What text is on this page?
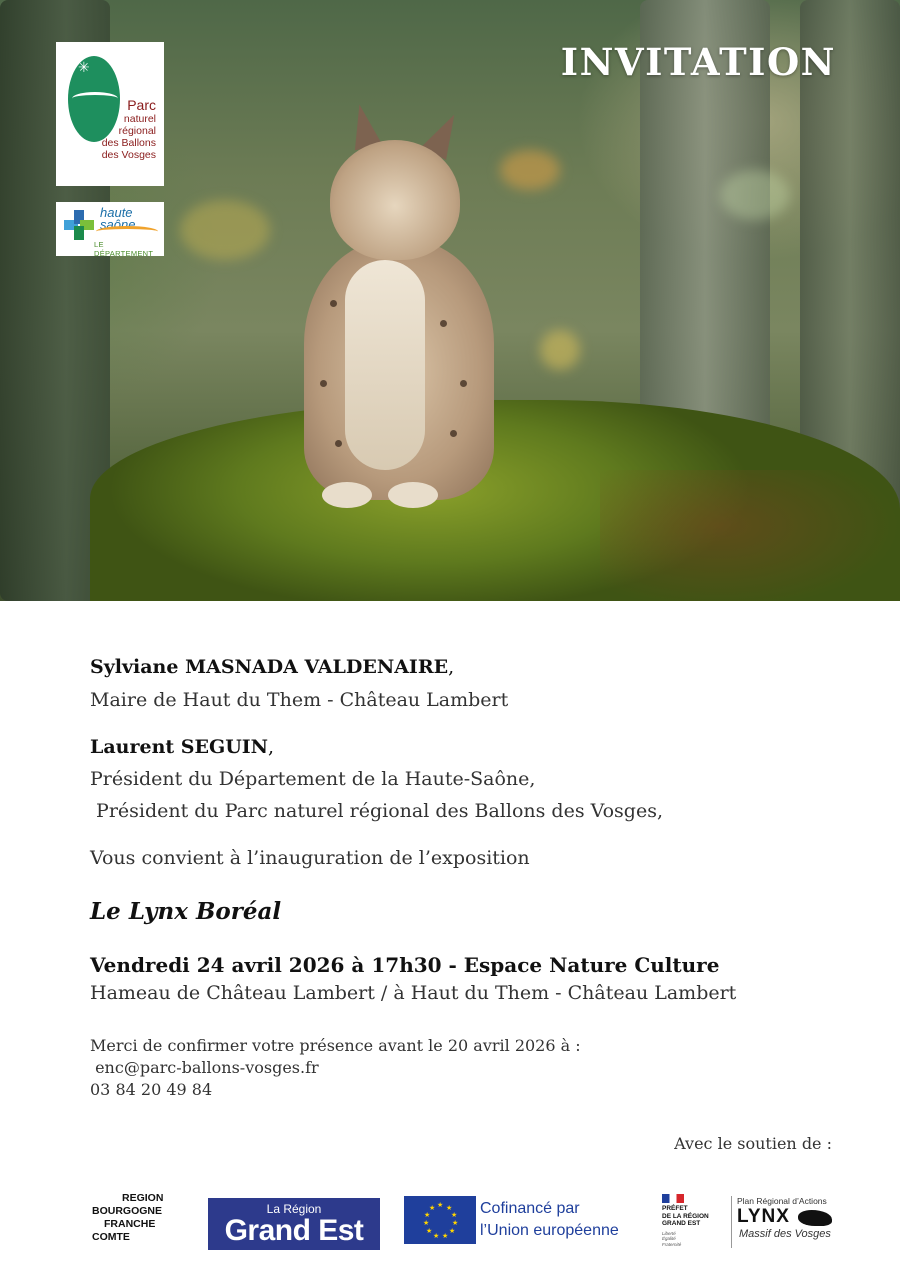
✳
Parc
naturel
régional
des Ballons
des Vosges
haute
saône
LE DÉPARTEMENT
INVITATION
Sylviane MASNADA VALDENAIRE,
Maire de Haut du Them - Château Lambert
Laurent SEGUIN,
Président du Département de la Haute-Saône,
Président du Parc naturel régional des Ballons des Vosges,
Vous convient à l’inauguration de l’exposition
Le Lynx Boréal
Vendredi 24 avril 2026 à 17h30 - Espace Nature Culture
Hameau de Château Lambert / à Haut du Them - Château Lambert
Merci de confirmer votre présence avant le 20 avril 2026 à :
enc@parc-ballons-vosges.fr
03 84 20 49 84
Avec le soutien de :
REGION
BOURGOGNE
FRANCHE
COMTE
La Région
Grand Est
★ ★
★
★
★
★
★
★
★
★
★	Cofinancé par
l’Union européenne
PRÉFET
DE LA RÉGION
GRAND EST
Liberté
Égalité
Fraternité
Plan Régional d’Actions
LYNX
Massif des Vosges
